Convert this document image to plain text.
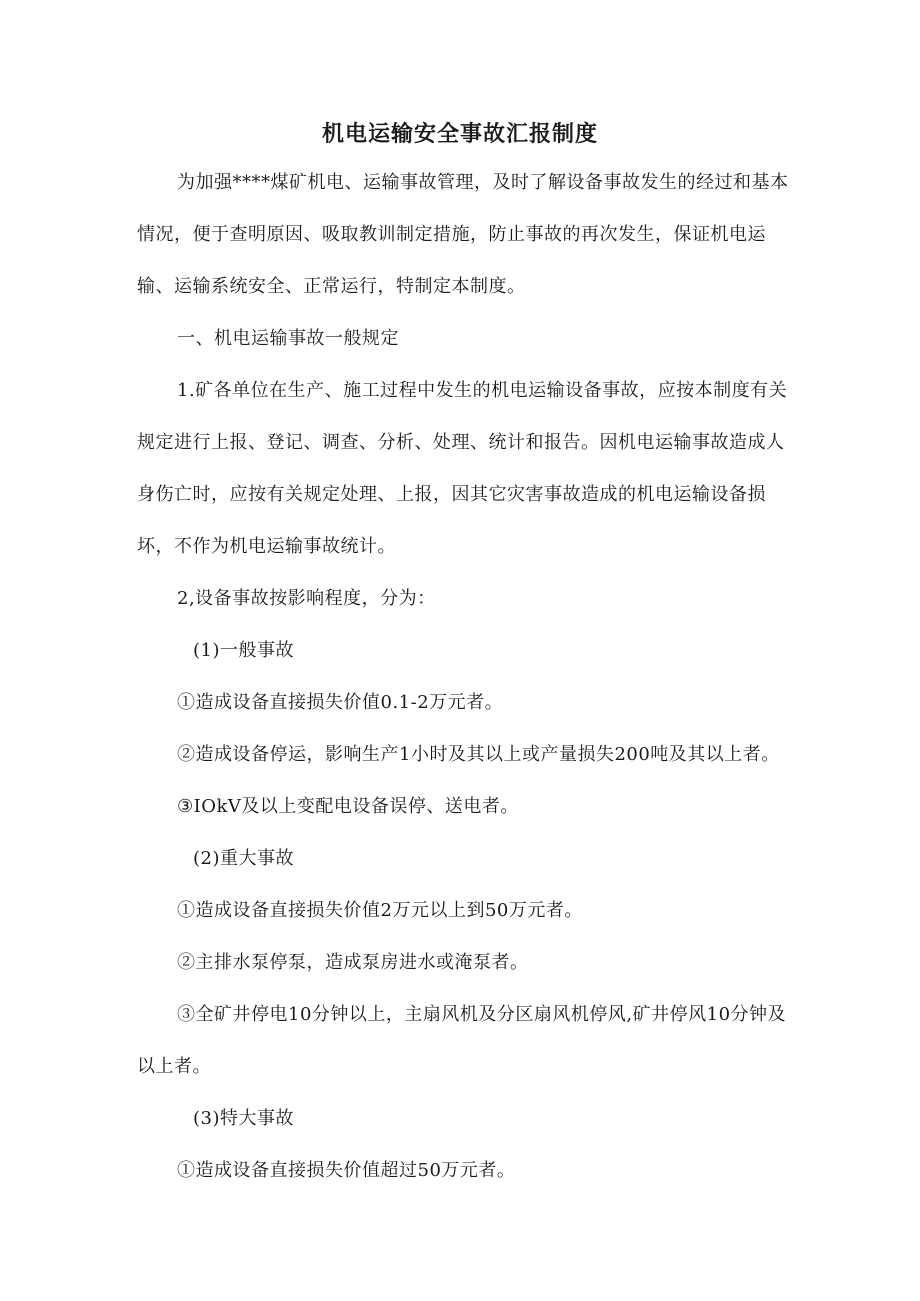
机电运输安全事故汇报制度

为加强****煤矿机电、运输事故管理，及时了解设备事故发生的经过和基本情况，便于查明原因、吸取教训制定措施，防止事故的再次发生，保证机电运输、运输系统安全、正常运行，特制定本制度。

一、机电运输事故一般规定

1.矿各单位在生产、施工过程中发生的机电运输设备事故，应按本制度有关规定进行上报、登记、调查、分析、处理、统计和报告。因机电运输事故造成人身伤亡时，应按有关规定处理、上报，因其它灾害事故造成的机电运输设备损坏，不作为机电运输事故统计。

2,设备事故按影响程度，分为：

(1)一般事故

①造成设备直接损失价值0.1-2万元者。

②造成设备停运，影响生产1小时及其以上或产量损失200吨及其以上者。

③IOkV及以上变配电设备误停、送电者。

(2)重大事故

①造成设备直接损失价值2万元以上到50万元者。

②主排水泵停泵，造成泵房进水或淹泵者。

③全矿井停电10分钟以上，主扇风机及分区扇风机停风,矿井停风10分钟及以上者。

(3)特大事故

①造成设备直接损失价值超过50万元者。
